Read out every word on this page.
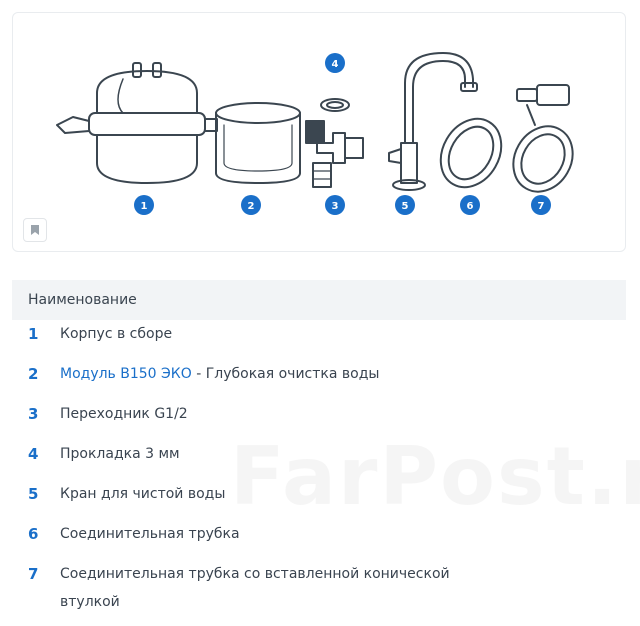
1	2	3
4
5	6	7
Наименование
1	Корпус в сборе
2	Модуль В150 ЭКО - Глубокая очистка воды
3	Переходник G1/2
4	Прокладка 3 мм
5	Кран для чистой воды
6	Соединительная трубка
7	Соединительная трубка со вставленной конической
втулкой
